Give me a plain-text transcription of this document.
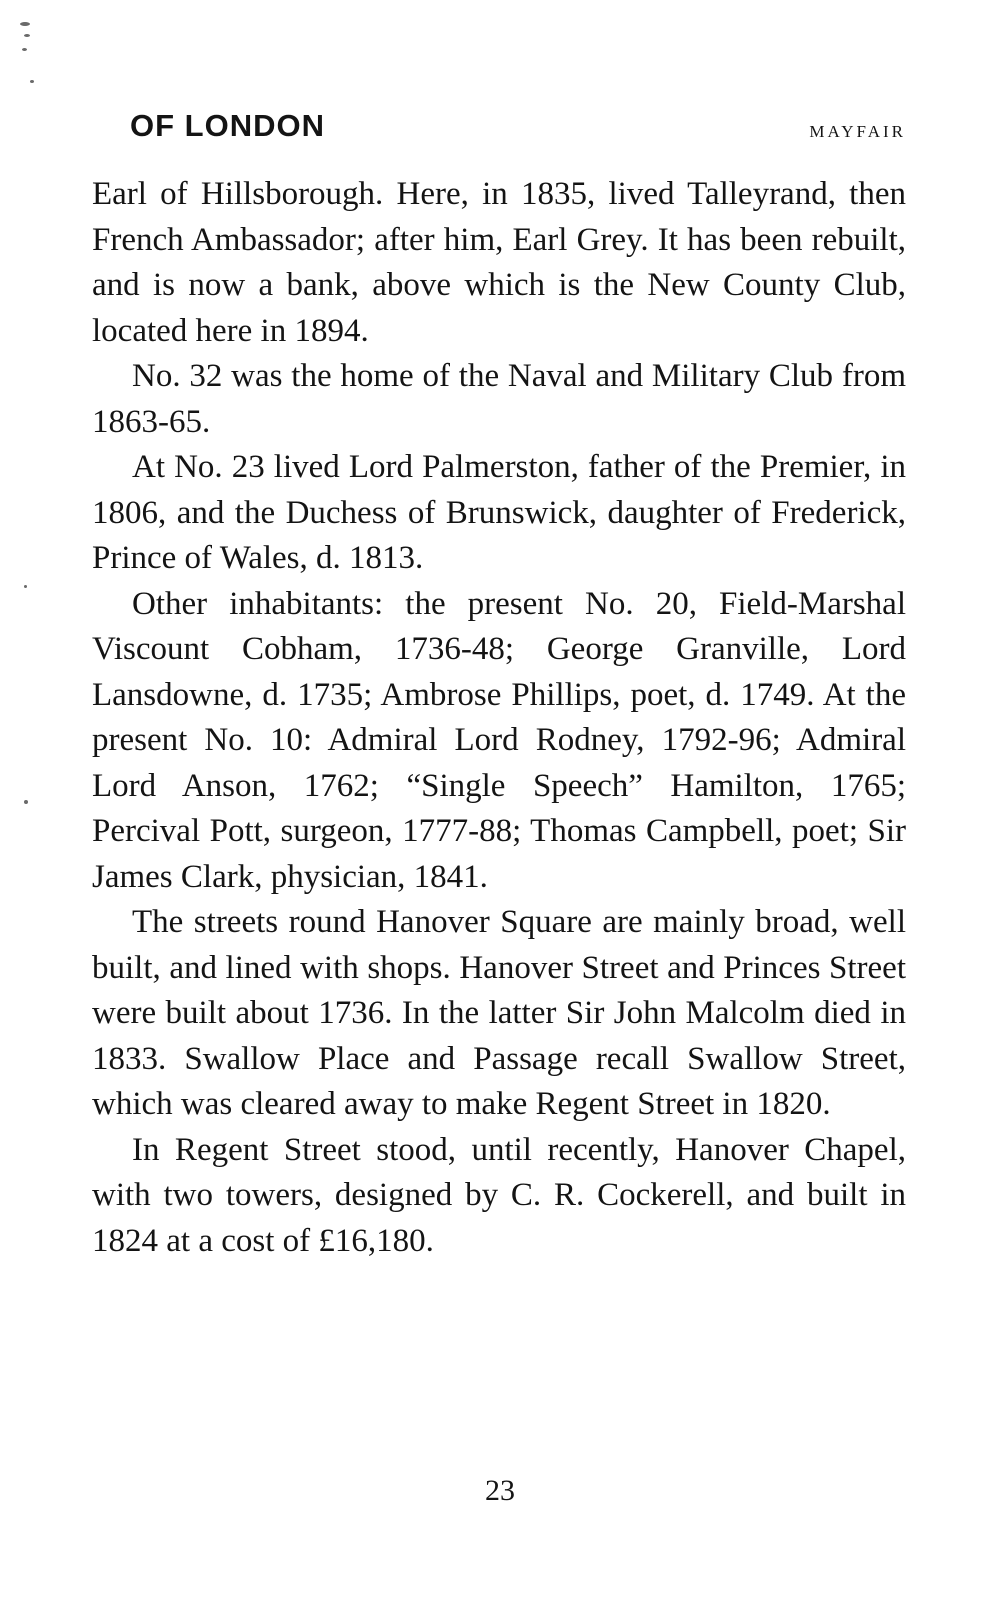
OF LONDON	MAYFAIR

Earl of Hillsborough. Here, in 1835, lived Talleyrand, then French Ambassador; after him, Earl Grey. It has been rebuilt, and is now a bank, above which is the New County Club, located here in 1894.

No. 32 was the home of the Naval and Military Club from 1863-65.

At No. 23 lived Lord Palmerston, father of the Premier, in 1806, and the Duchess of Brunswick, daughter of Frederick, Prince of Wales, d. 1813.

Other inhabitants: the present No. 20, Field-Marshal Viscount Cobham, 1736-48; George Granville, Lord Lansdowne, d. 1735; Ambrose Phillips, poet, d. 1749. At the present No. 10: Admiral Lord Rodney, 1792-96; Admiral Lord Anson, 1762; “Single Speech” Hamilton, 1765; Percival Pott, surgeon, 1777-88; Thomas Campbell, poet; Sir James Clark, physician, 1841.

The streets round Hanover Square are mainly broad, well built, and lined with shops. Hanover Street and Princes Street were built about 1736. In the latter Sir John Malcolm died in 1833. Swallow Place and Passage recall Swallow Street, which was cleared away to make Regent Street in 1820.

In Regent Street stood, until recently, Hanover Chapel, with two towers, designed by C. R. Cockerell, and built in 1824 at a cost of £16,180.

23
